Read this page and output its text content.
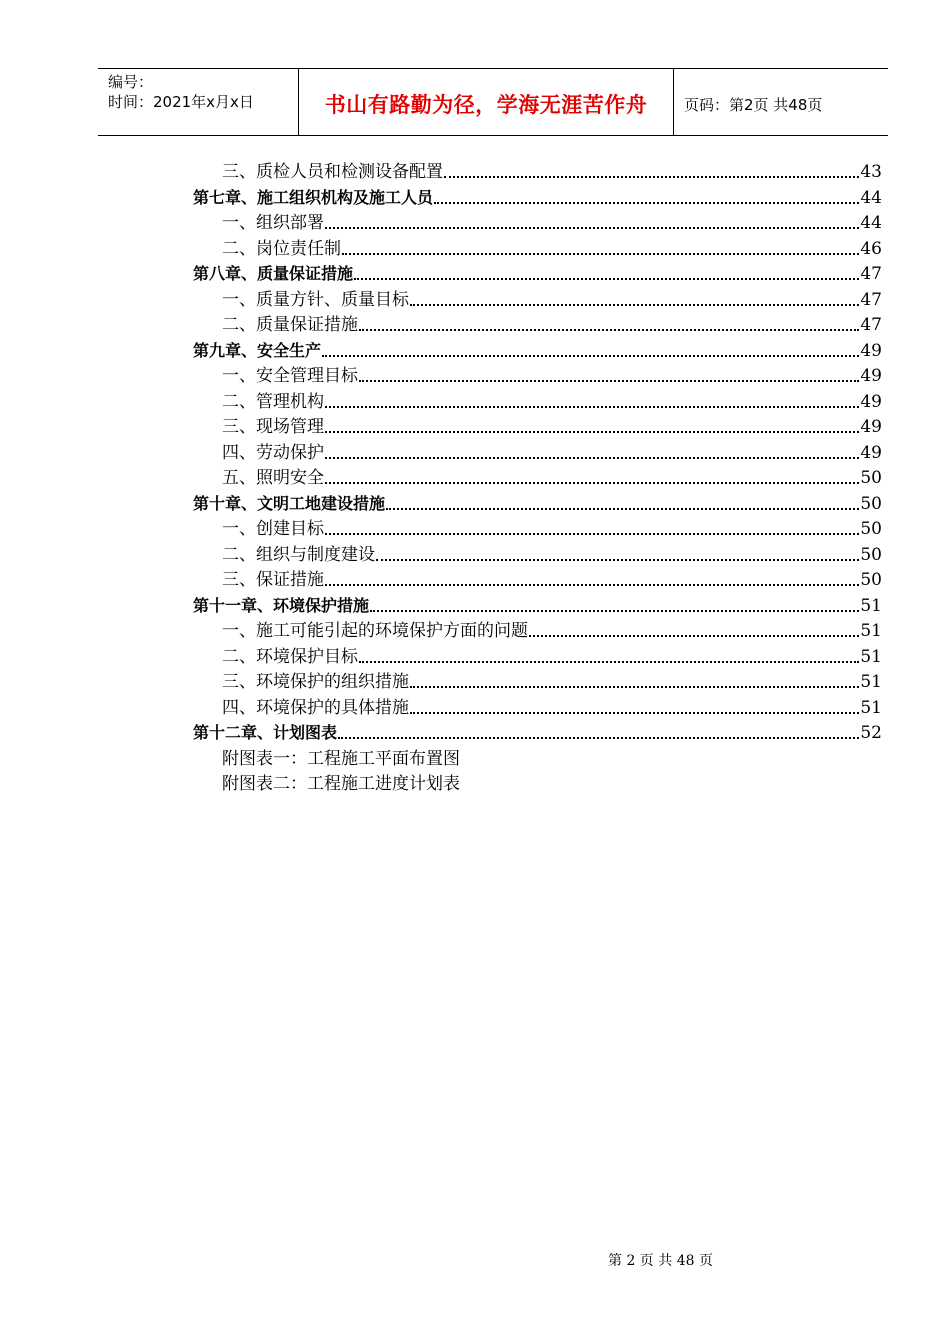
编号：
时间：2021年x月x日	书山有路勤为径，学海无涯苦作舟	页码：第2页 共48页
三、质检人员和检测设备配置	43
第七章、施工组织机构及施工人员	44
一、组织部署	44
二、岗位责任制	46
第八章、质量保证措施	47
一、质量方针、质量目标	47
二、质量保证措施	47
第九章、安全生产	49
一、安全管理目标	49
二、管理机构	49
三、现场管理	49
四、劳动保护	49
五、照明安全	50
第十章、文明工地建设措施	50
一、创建目标	50
二、组织与制度建设	50
三、保证措施	50
第十一章、环境保护措施	51
一、施工可能引起的环境保护方面的问题	51
二、环境保护目标	51
三、环境保护的组织措施	51
四、环境保护的具体措施	51
第十二章、计划图表	52
附图表一：工程施工平面布置图
附图表二：工程施工进度计划表
第 2 页 共 48 页
